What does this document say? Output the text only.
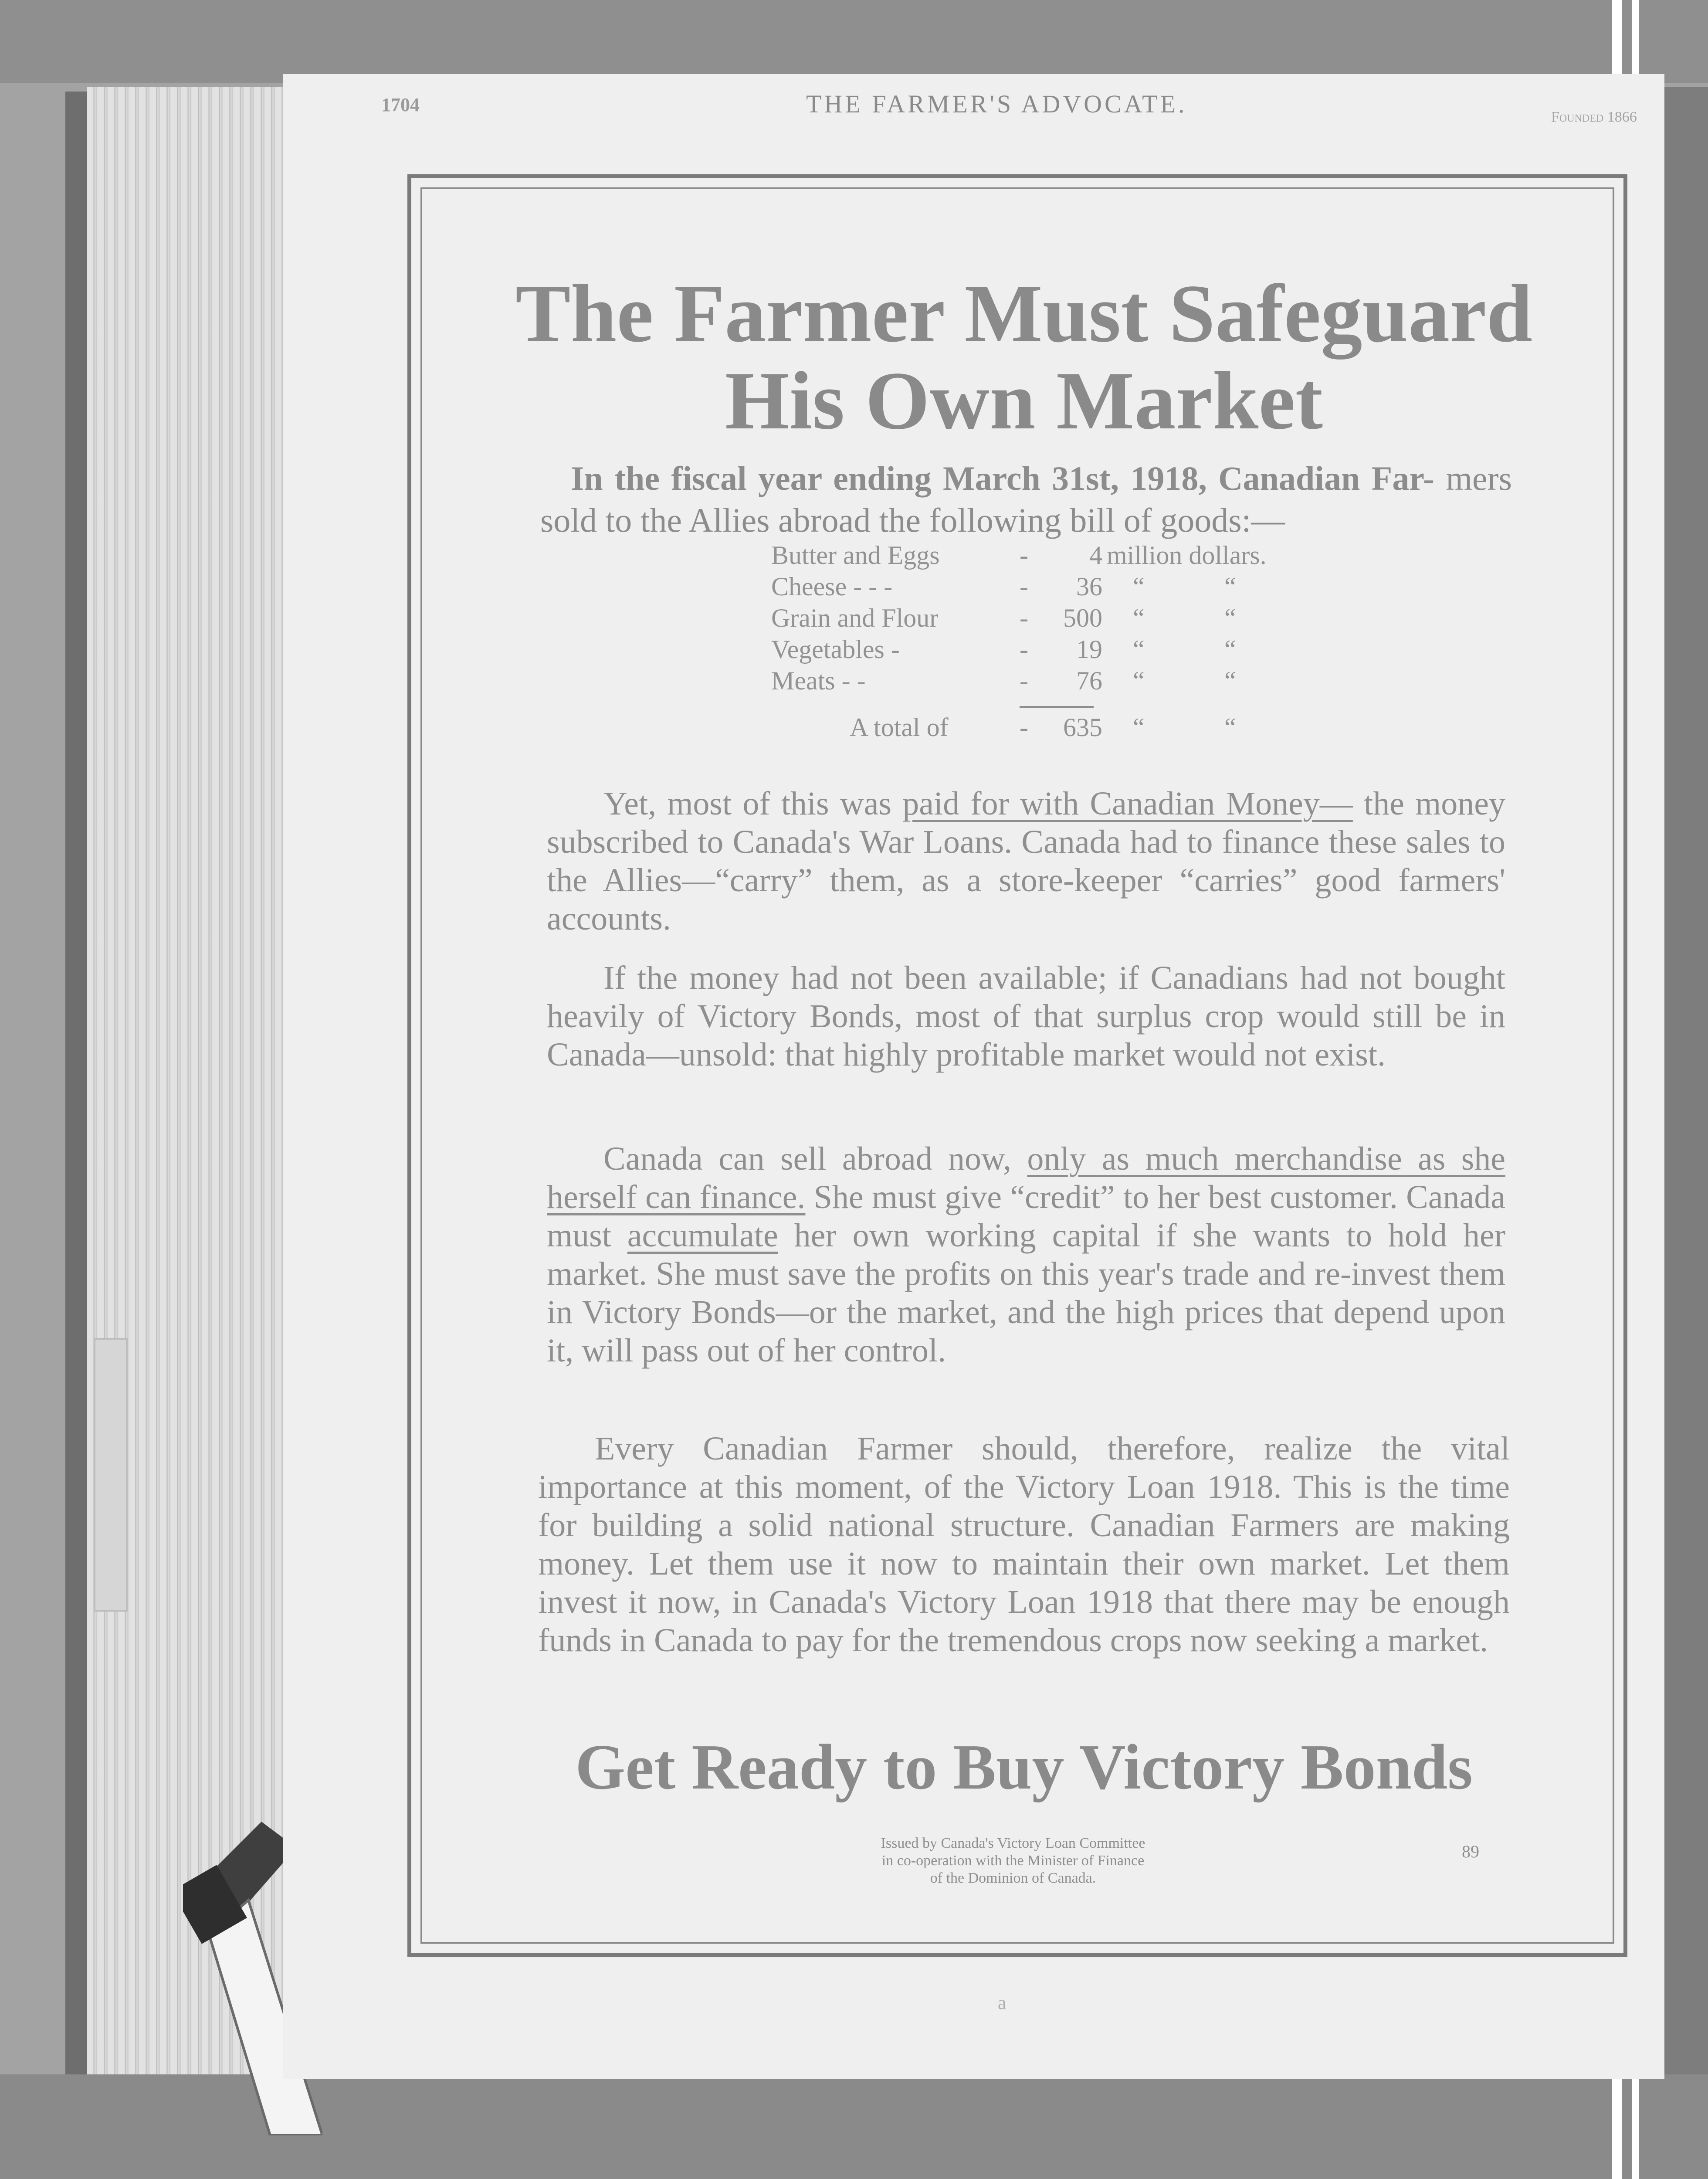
1704	THE FARMER'S ADVOCATE.	Founded 1866
The Farmer Must Safeguard
His Own Market
In the fiscal year ending March 31st, 1918, Canadian Far- mers sold to the Allies abroad the following bill of goods:—
Butter and Eggs	-	4 million dollars.
Cheese - - -	-	36 “	“
Grain and Flour	-	500 “	“
Vegetables -	-	19 “	“
Meats - -	-	76 “	“
A total of	-	635 “	“

Yet, most of this was paid for with Canadian Money— the money subscribed to Canada's War Loans. Canada had to finance these sales to the Allies—“carry” them, as a store-keeper “carries” good farmers' accounts.

If the money had not been available; if Canadians had not bought heavily of Victory Bonds, most of that surplus crop would still be in Canada—unsold: that highly profitable market would not exist.

Canada can sell abroad now, only as much merchandise as she herself can finance. She must give “credit” to her best customer. Canada must accumulate her own working capital if she wants to hold her market. She must save the profits on this year's trade and re-invest them in Victory Bonds—or the market, and the high prices that depend upon it, will pass out of her control.

Every Canadian Farmer should, therefore, realize the vital importance at this moment, of the Victory Loan 1918. This is the time for building a solid national structure. Canadian Farmers are making money. Let them use it now to maintain their own market. Let them invest it now, in Canada's Victory Loan 1918 that there may be enough funds in Canada to pay for the tremendous crops now seeking a market.

Get Ready to Buy Victory Bonds
Issued by Canada's Victory Loan Committee
in co-operation with the Minister of Finance
of the Dominion of Canada.
89
a
